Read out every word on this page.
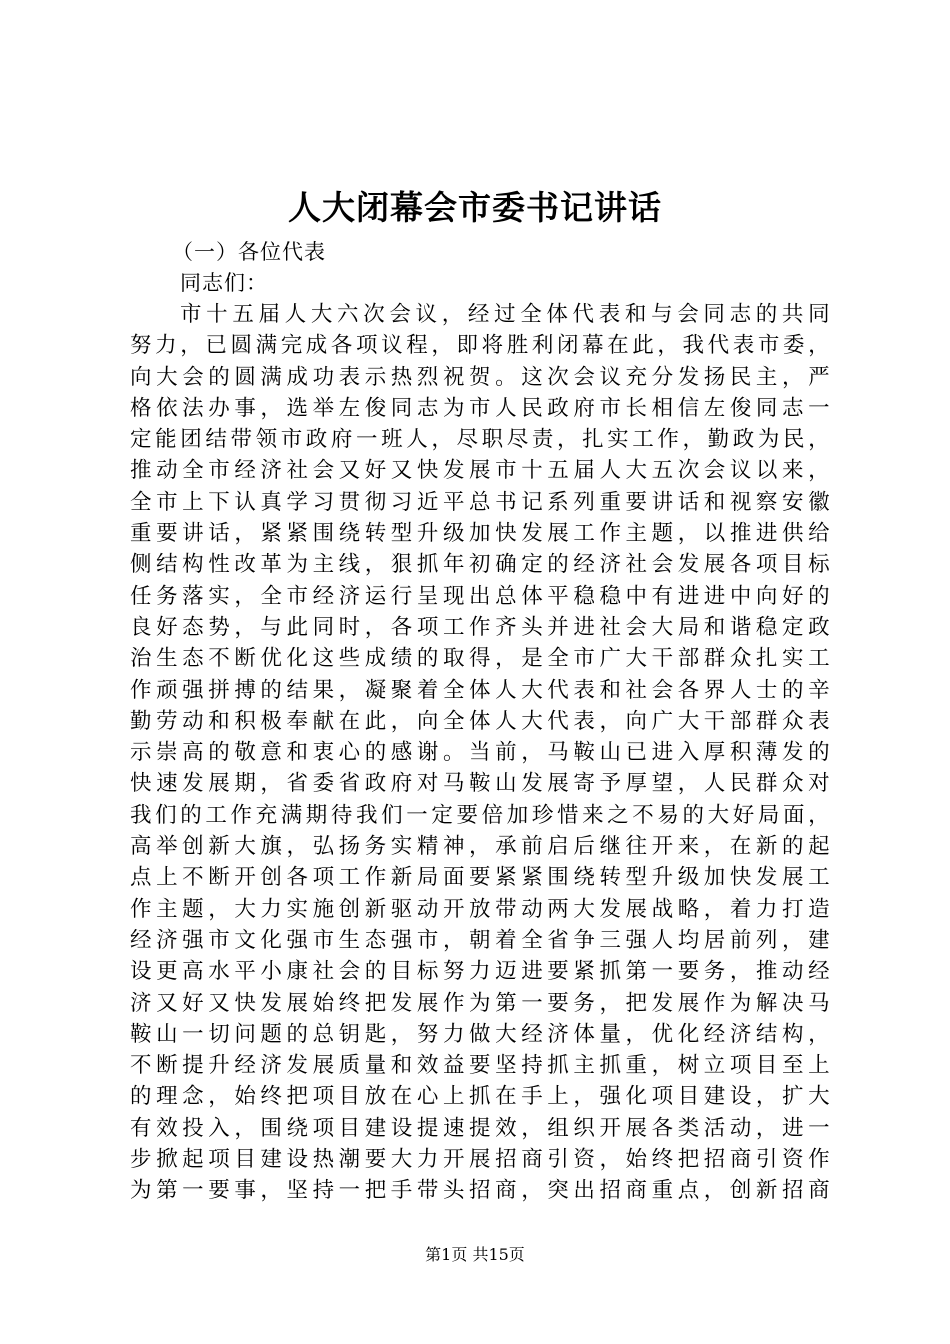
人大闭幕会市委书记讲话
（一）各位代表
同志们：
市十五届人大六次会议，经过全体代表和与会同志的共同
努力，已圆满完成各项议程，即将胜利闭幕在此，我代表市委，
向大会的圆满成功表示热烈祝贺。这次会议充分发扬民主，严
格依法办事，选举左俊同志为市人民政府市长相信左俊同志一
定能团结带领市政府一班人，尽职尽责，扎实工作，勤政为民，
推动全市经济社会又好又快发展市十五届人大五次会议以来，
全市上下认真学习贯彻习近平总书记系列重要讲话和视察安徽
重要讲话，紧紧围绕转型升级加快发展工作主题，以推进供给
侧结构性改革为主线，狠抓年初确定的经济社会发展各项目标
任务落实，全市经济运行呈现出总体平稳稳中有进进中向好的
良好态势，与此同时，各项工作齐头并进社会大局和谐稳定政
治生态不断优化这些成绩的取得，是全市广大干部群众扎实工
作顽强拼搏的结果，凝聚着全体人大代表和社会各界人士的辛
勤劳动和积极奉献在此，向全体人大代表，向广大干部群众表
示崇高的敬意和衷心的感谢。当前，马鞍山已进入厚积薄发的
快速发展期，省委省政府对马鞍山发展寄予厚望，人民群众对
我们的工作充满期待我们一定要倍加珍惜来之不易的大好局面，
高举创新大旗，弘扬务实精神，承前启后继往开来，在新的起
点上不断开创各项工作新局面要紧紧围绕转型升级加快发展工
作主题，大力实施创新驱动开放带动两大发展战略，着力打造
经济强市文化强市生态强市，朝着全省争三强人均居前列，建
设更高水平小康社会的目标努力迈进要紧抓第一要务，推动经
济又好又快发展始终把发展作为第一要务，把发展作为解决马
鞍山一切问题的总钥匙，努力做大经济体量，优化经济结构，
不断提升经济发展质量和效益要坚持抓主抓重，树立项目至上
的理念，始终把项目放在心上抓在手上，强化项目建设，扩大
有效投入，围绕项目建设提速提效，组织开展各类活动，进一
步掀起项目建设热潮要大力开展招商引资，始终把招商引资作
为第一要事，坚持一把手带头招商，突出招商重点，创新招商
第1页 共15页
